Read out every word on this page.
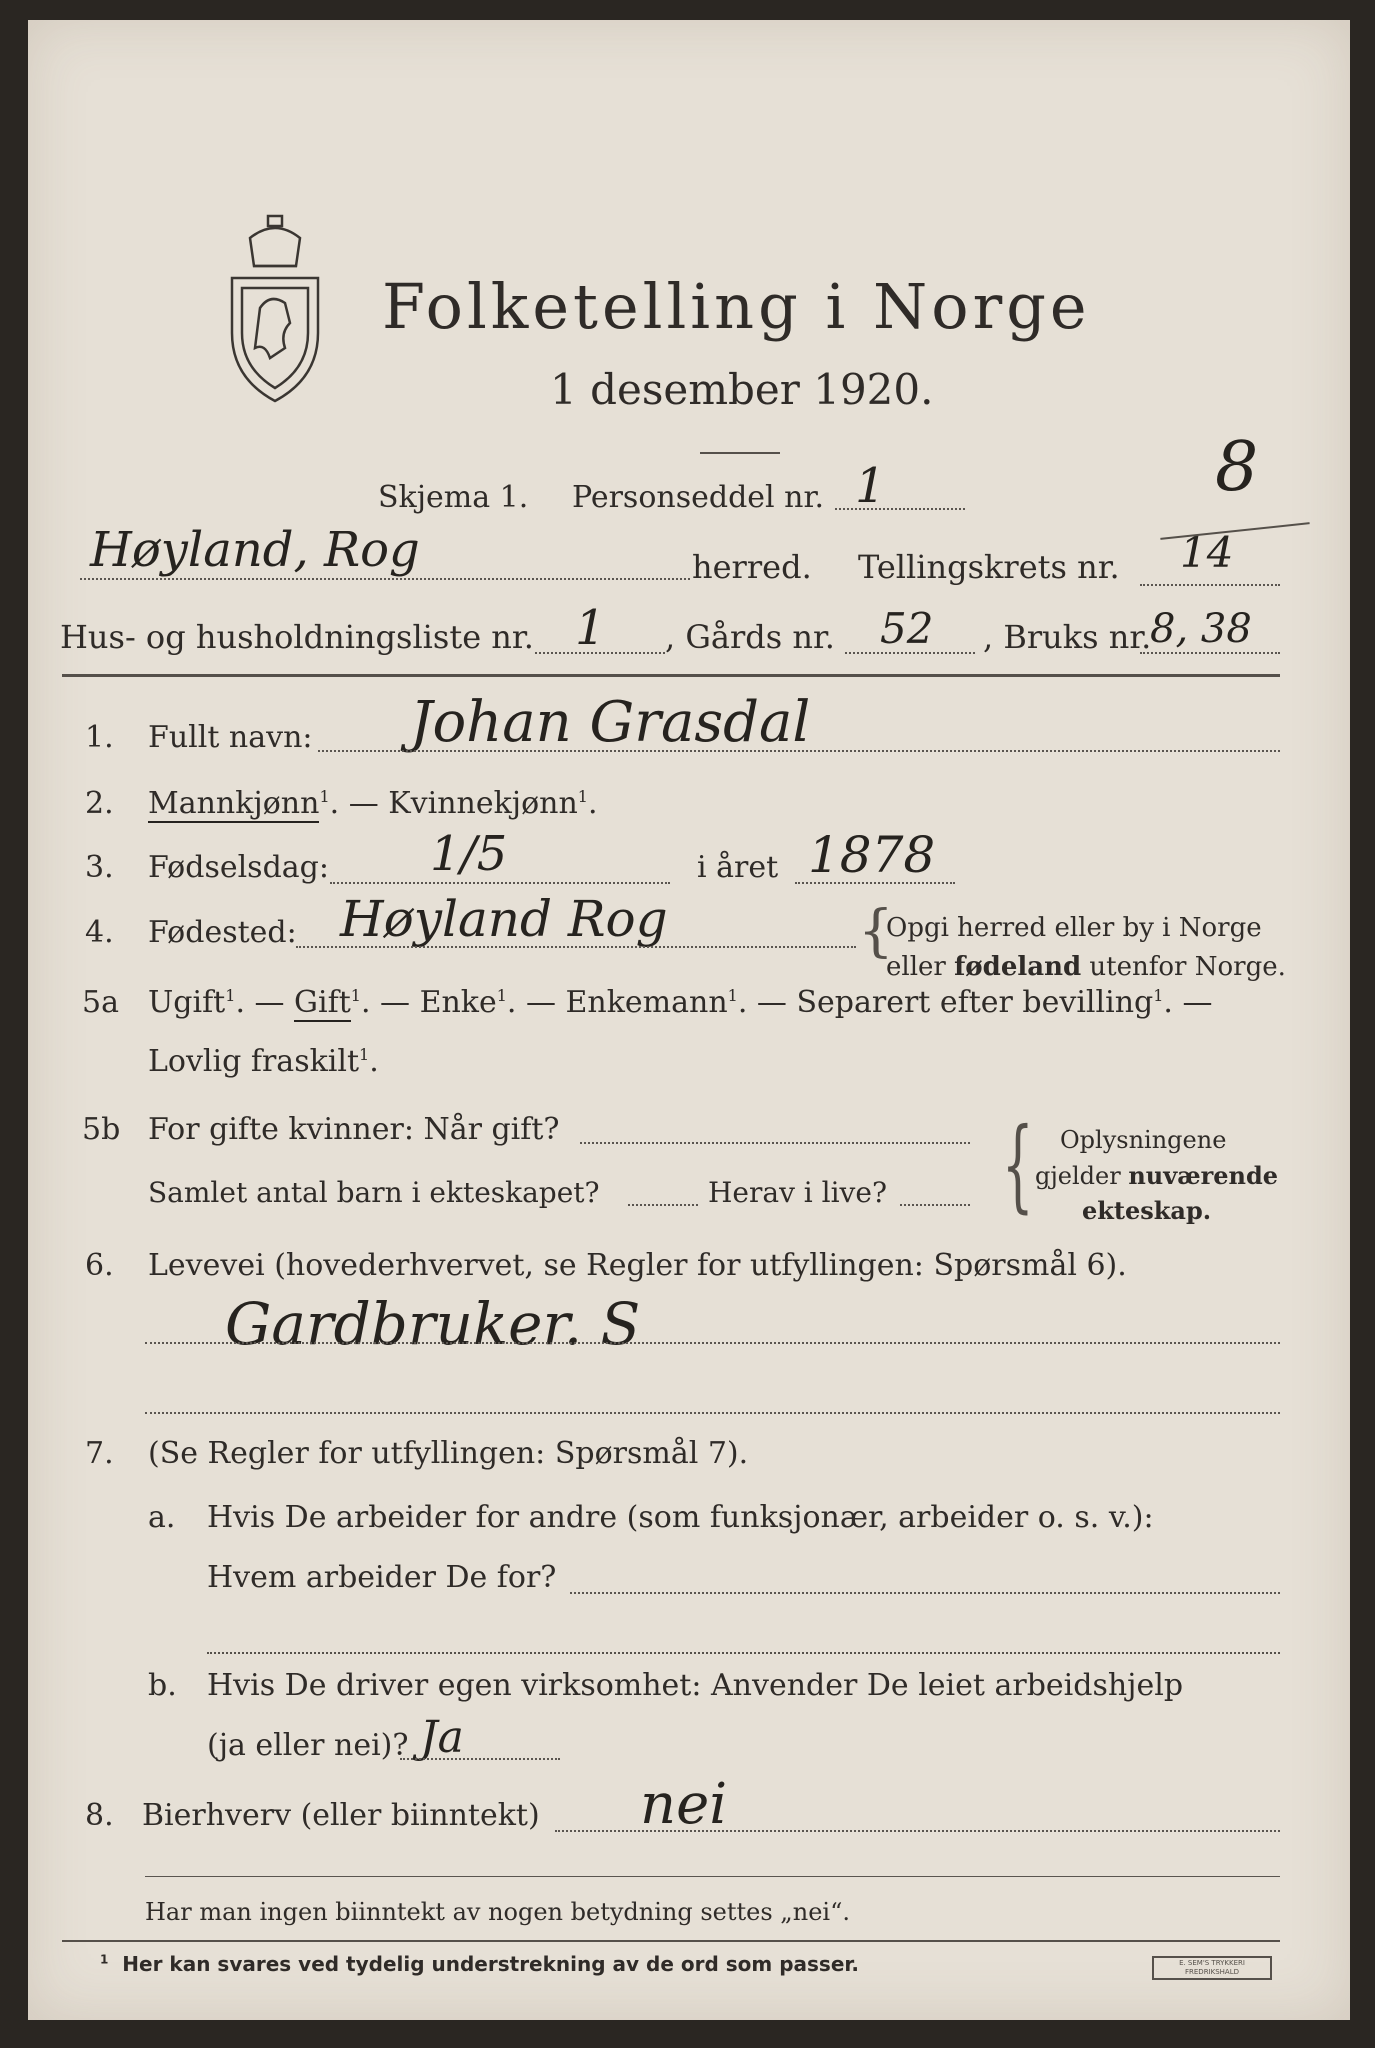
Folketelling i Norge
1 desember 1920.
Skjema 1. Personseddel nr. 1	8
Høyland, Rog	herred. Tellingskrets nr. 14
Hus- og husholdningsliste nr. 1 , Gårds nr. 52 , Bruks nr.
8, 38
1. Fullt navn: Johan Grasdal
2. Mannkjønn$^1$. — Kvinnekjønn$^1$.
3. Fødselsdag: 1/5	i året 1878
4. Fødested: Høyland Rog	{
Opgi herred eller by i Norge
eller fødeland utenfor Norge.
5a Ugift$^1$. — Gift$^1$. — Enke$^1$. — Enkemann$^1$. — Separert efter bevilling$^1$. —
Lovlig fraskilt$^1$.
5b For gifte kvinner: Når gift?
Samlet antal barn i ekteskapet?	Herav i live? { Oplysningene
gjelder nuværende
ekteskap.
6. Levevei (hovederhvervet, se Regler for utfyllingen: Spørsmål 6).
Gardbruker. S
7. (Se Regler for utfyllingen: Spørsmål 7).
a. Hvis De arbeider for andre (som funksjonær, arbeider o. s. v.):
Hvem arbeider De for?
b. Hvis De driver egen virksomhet: Anvender De leiet arbeidshjelp
(ja eller nei)? Ja
8. Bierhverv (eller biinntekt) nei
Har man ingen biinntekt av nogen betydning settes „nei“.
$^1$ Her kan svares ved tydelig understrekning av de ord som passer.	E. SEM'S TRYKKERI FREDRIKSHALD
